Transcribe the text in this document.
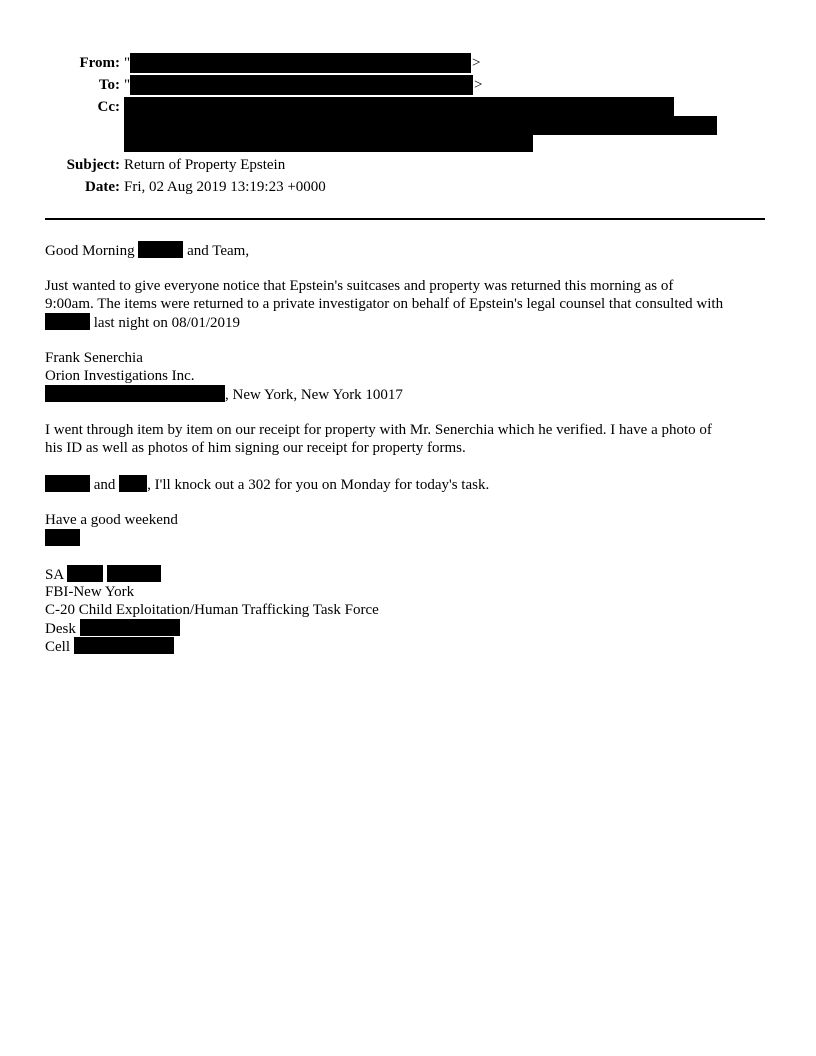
From: "	>
To: "	>
Cc:
Subject: Return of Property Epstein
Date: Fri, 02 Aug 2019 13:19:23 +0000
Good Morning	and Team,
Just wanted to give everyone notice that Epstein's suitcases and property was returned this morning as of
9:00am. The items were returned to a private investigator on behalf of Epstein's legal counsel that consulted with
last night on 08/01/2019
Frank Senerchia
Orion Investigations Inc.
, New York, New York 10017
I went through item by item on our receipt for property with Mr. Senerchia which he verified. I have a photo of
his ID as well as photos of him signing our receipt for property forms.
and , I'll knock out a 302 for you on Monday for today's task.
Have a good weekend
SA
FBI-New York
C-20 Child Exploitation/Human Trafficking Task Force
Desk
Cell
